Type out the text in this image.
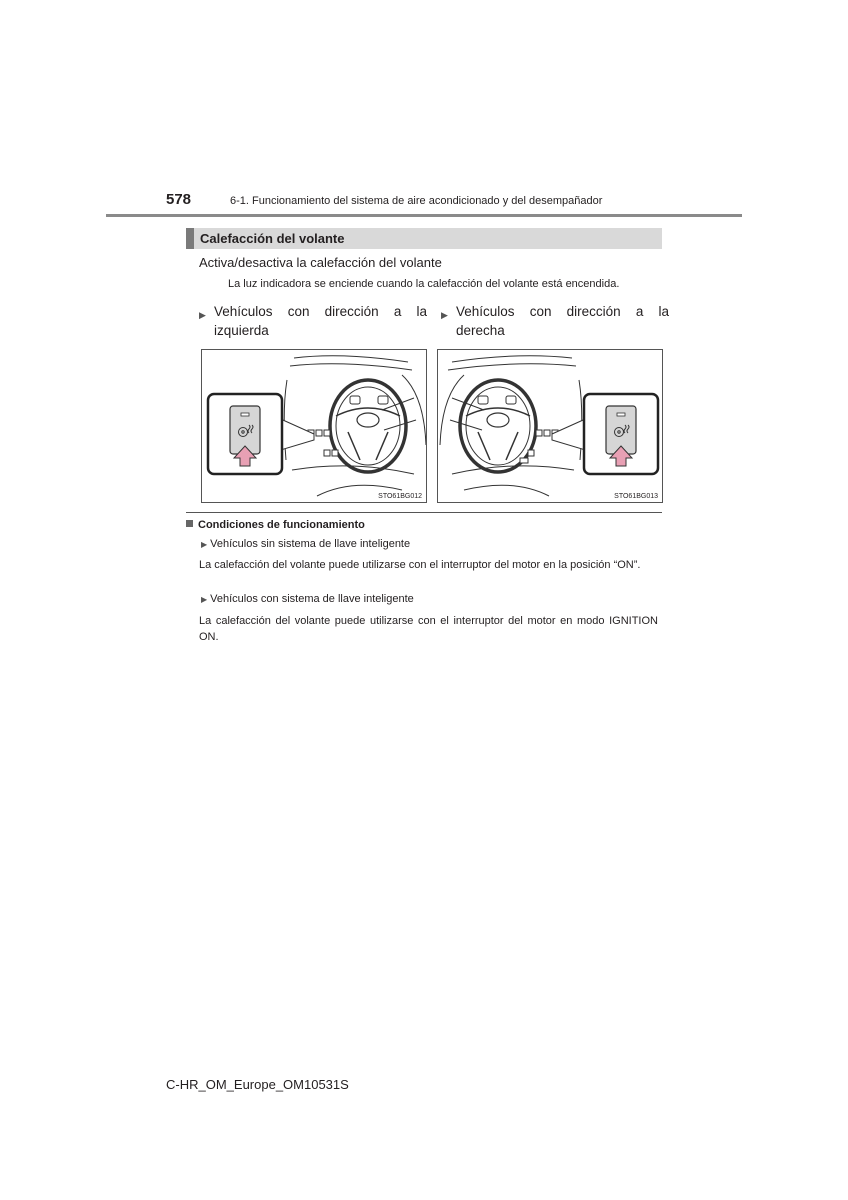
578	6-1. Funcionamiento del sistema de aire acondicionado y del desempañador
Calefacción del volante
Activa/desactiva la calefacción del volante
La luz indicadora se enciende cuando la calefacción del volante está encendida.
▶ Vehículos con dirección a la izquierda
▶ Vehículos con dirección a la derecha
STO61BG012	STO61BG013
Condiciones de funcionamiento
▶ Vehículos sin sistema de llave inteligente
La calefacción del volante puede utilizarse con el interruptor del motor en la posición “ON”.
▶ Vehículos con sistema de llave inteligente
La calefacción del volante puede utilizarse con el interruptor del motor en modo IGNITION ON.
C-HR_OM_Europe_OM10531S
